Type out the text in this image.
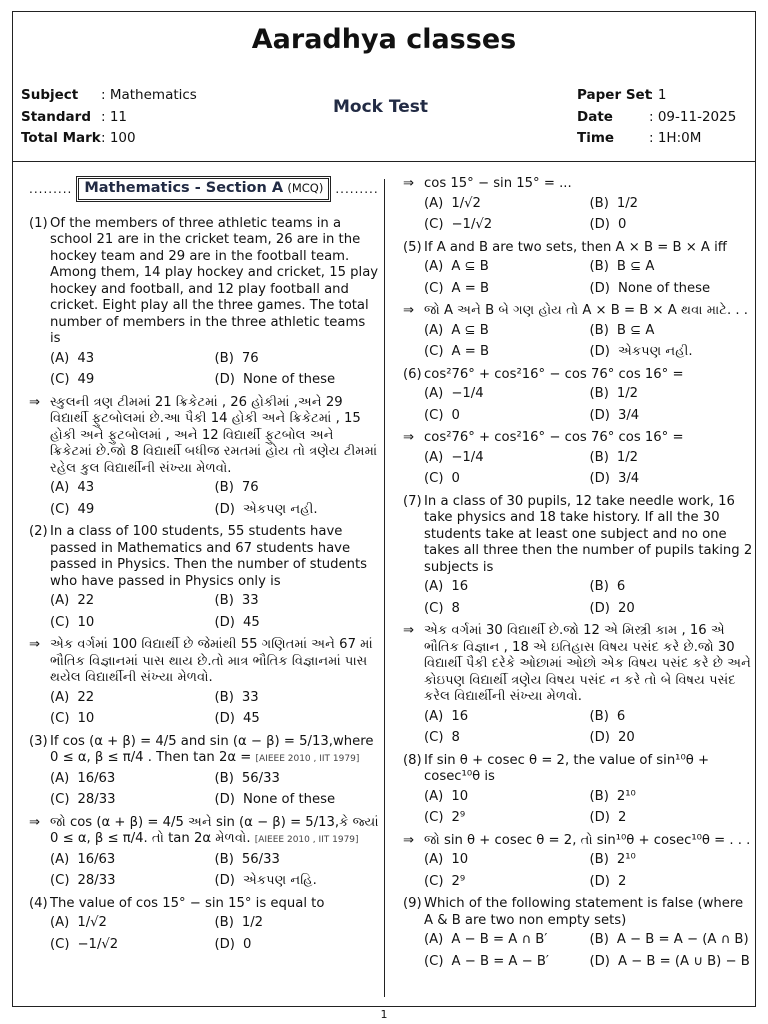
Aaradhya classes
Subject	: Mathematics
Standard : 11
Total Mark : 100
Mock Test
Paper Set
: 1
Date	: 09-11-2025
Time	: 1H:0M
......... Mathematics - Section A (MCQ)	.........
(1) Of the members of three athletic teams in a school 21 are in the cricket team, 26 are in the hockey team and 29 are in the football team. Among them, 14 play hockey and cricket, 15 play hockey and football, and 12 play football and cricket. Eight play all the three games. The total number of members in the three athletic teams is
(A) 43	(B) 76
(C) 49	(D) None of these
⇒ સ્કુલની ત્રણ ટીમમાં 21 ક્રિકેટમાં , 26 હોકીમાં ,અને 29 વિદ્યાર્થી ફુટબોલમાં છે.આ પૈકી 14 હોકી અને ક્રિકેટમાં , 15 હોકી અને ફુટબોલમાં , અને 12 વિદ્યાર્થી ફુટબોલ અને ક્રિકેટમાં છે.જો 8 વિદ્યાર્થી બધીજ રમતમાં હોય તો ત્રણેય ટીમમાં રહેલ કુલ વિદ્યાર્થીની સંખ્યા મેળવો.
(A) 43	(B) 76
(C) 49	(D) એકપણ નહી.
(2) In a class of 100 students, 55 students have passed in Mathematics and 67 students have passed in Physics. Then the number of students who have passed in Physics only is
(A) 22	(B) 33
(C) 10	(D) 45
⇒ એક વર્ગમાં 100 વિદ્યાર્થી છે જેમાંથી 55 ગણિતમાં અને 67 માં ભૌતિક વિજ્ઞાનમાં પાસ થાય છે.તો માત્ર ભૌતિક વિજ્ઞાનમાં પાસ થયેલ વિદ્યાર્થીની સંખ્યા મેળવો.
(A) 22	(B) 33
(C) 10	(D) 45
(3) If cos (α + β) = 4/5 and sin (α − β) = 5/13,where 0 ≤ α, β ≤ π/4 . Then tan 2α = [AIEEE 2010 , IIT 1979]
(A) 16/63	(B) 56/33
(C) 28/33	(D) None of these
⇒ જો cos (α + β) = 4/5 અને sin (α − β) = 5/13,કે જ્યાં 0 ≤ α, β ≤ π/4. તો tan 2α મેળવો. [AIEEE 2010 , IIT 1979]
(A) 16/63	(B) 56/33
(C) 28/33	(D) એકપણ નહિ.
(4) The value of cos 15° − sin 15° is equal to
(A) 1/√2	(B) 1/2
(C) −1/√2	(D) 0
⇒ cos 15° − sin 15° = ...
(A) 1/√2	(B) 1/2
(C) −1/√2	(D) 0
(5) If A and B are two sets, then A × B = B × A iff
(A) A ⊆ B	(B) B ⊆ A
(C) A = B	(D) None of these
⇒ જો A અને B બે ગણ હોય તો A × B = B × A થવા માટે. . .
(A) A ⊆ B	(B) B ⊆ A
(C) A = B	(D) એકપણ નહી.
(6) cos²76° + cos²16° − cos 76° cos 16° =
(A) −1/4	(B) 1/2
(C) 0	(D) 3/4
⇒ cos²76° + cos²16° − cos 76° cos 16° =
(A) −1/4	(B) 1/2
(C) 0	(D) 3/4
(7) In a class of 30 pupils, 12 take needle work, 16 take physics and 18 take history. If all the 30 students take at least one subject and no one takes all three then the number of pupils taking 2 subjects is
(A) 16	(B) 6
(C) 8	(D) 20
⇒ એક વર્ગમાં 30 વિદ્યાર્થી છે.જો 12 એ મિસ્ત્રી કામ , 16 એ ભૌતિક વિજ્ઞાન , 18 એ ઇતિહાસ વિષય પસંદ કરે છે.જો 30 વિદ્યાર્થી પૈકી દરેકે ઓછામાં ઓછો એક વિષય પસંદ કરે છે અને કોઇપણ વિદ્યાર્થી ત્રણેય વિષય પસંદ ન કરે તો બે વિષય પસંદ કરેલ વિદ્યાર્થીની સંખ્યા મેળવો.
(A) 16	(B) 6
(C) 8	(D) 20
(8) If sin θ + cosec θ = 2, the value of sin¹⁰θ + cosec¹⁰θ is
(A) 10	(B) 2¹⁰
(C) 2⁹	(D) 2
⇒ જો sin θ + cosec θ = 2, તો sin¹⁰θ + cosec¹⁰θ = . . .
(A) 10	(B) 2¹⁰
(C) 2⁹	(D) 2
(9) Which of the following statement is false (where A & B are two non empty sets)
(A) A − B = A ∩ B′	(B) A − B = A − (A ∩ B)
(C) A − B = A − B′	(D) A − B = (A ∪ B) − B
1
